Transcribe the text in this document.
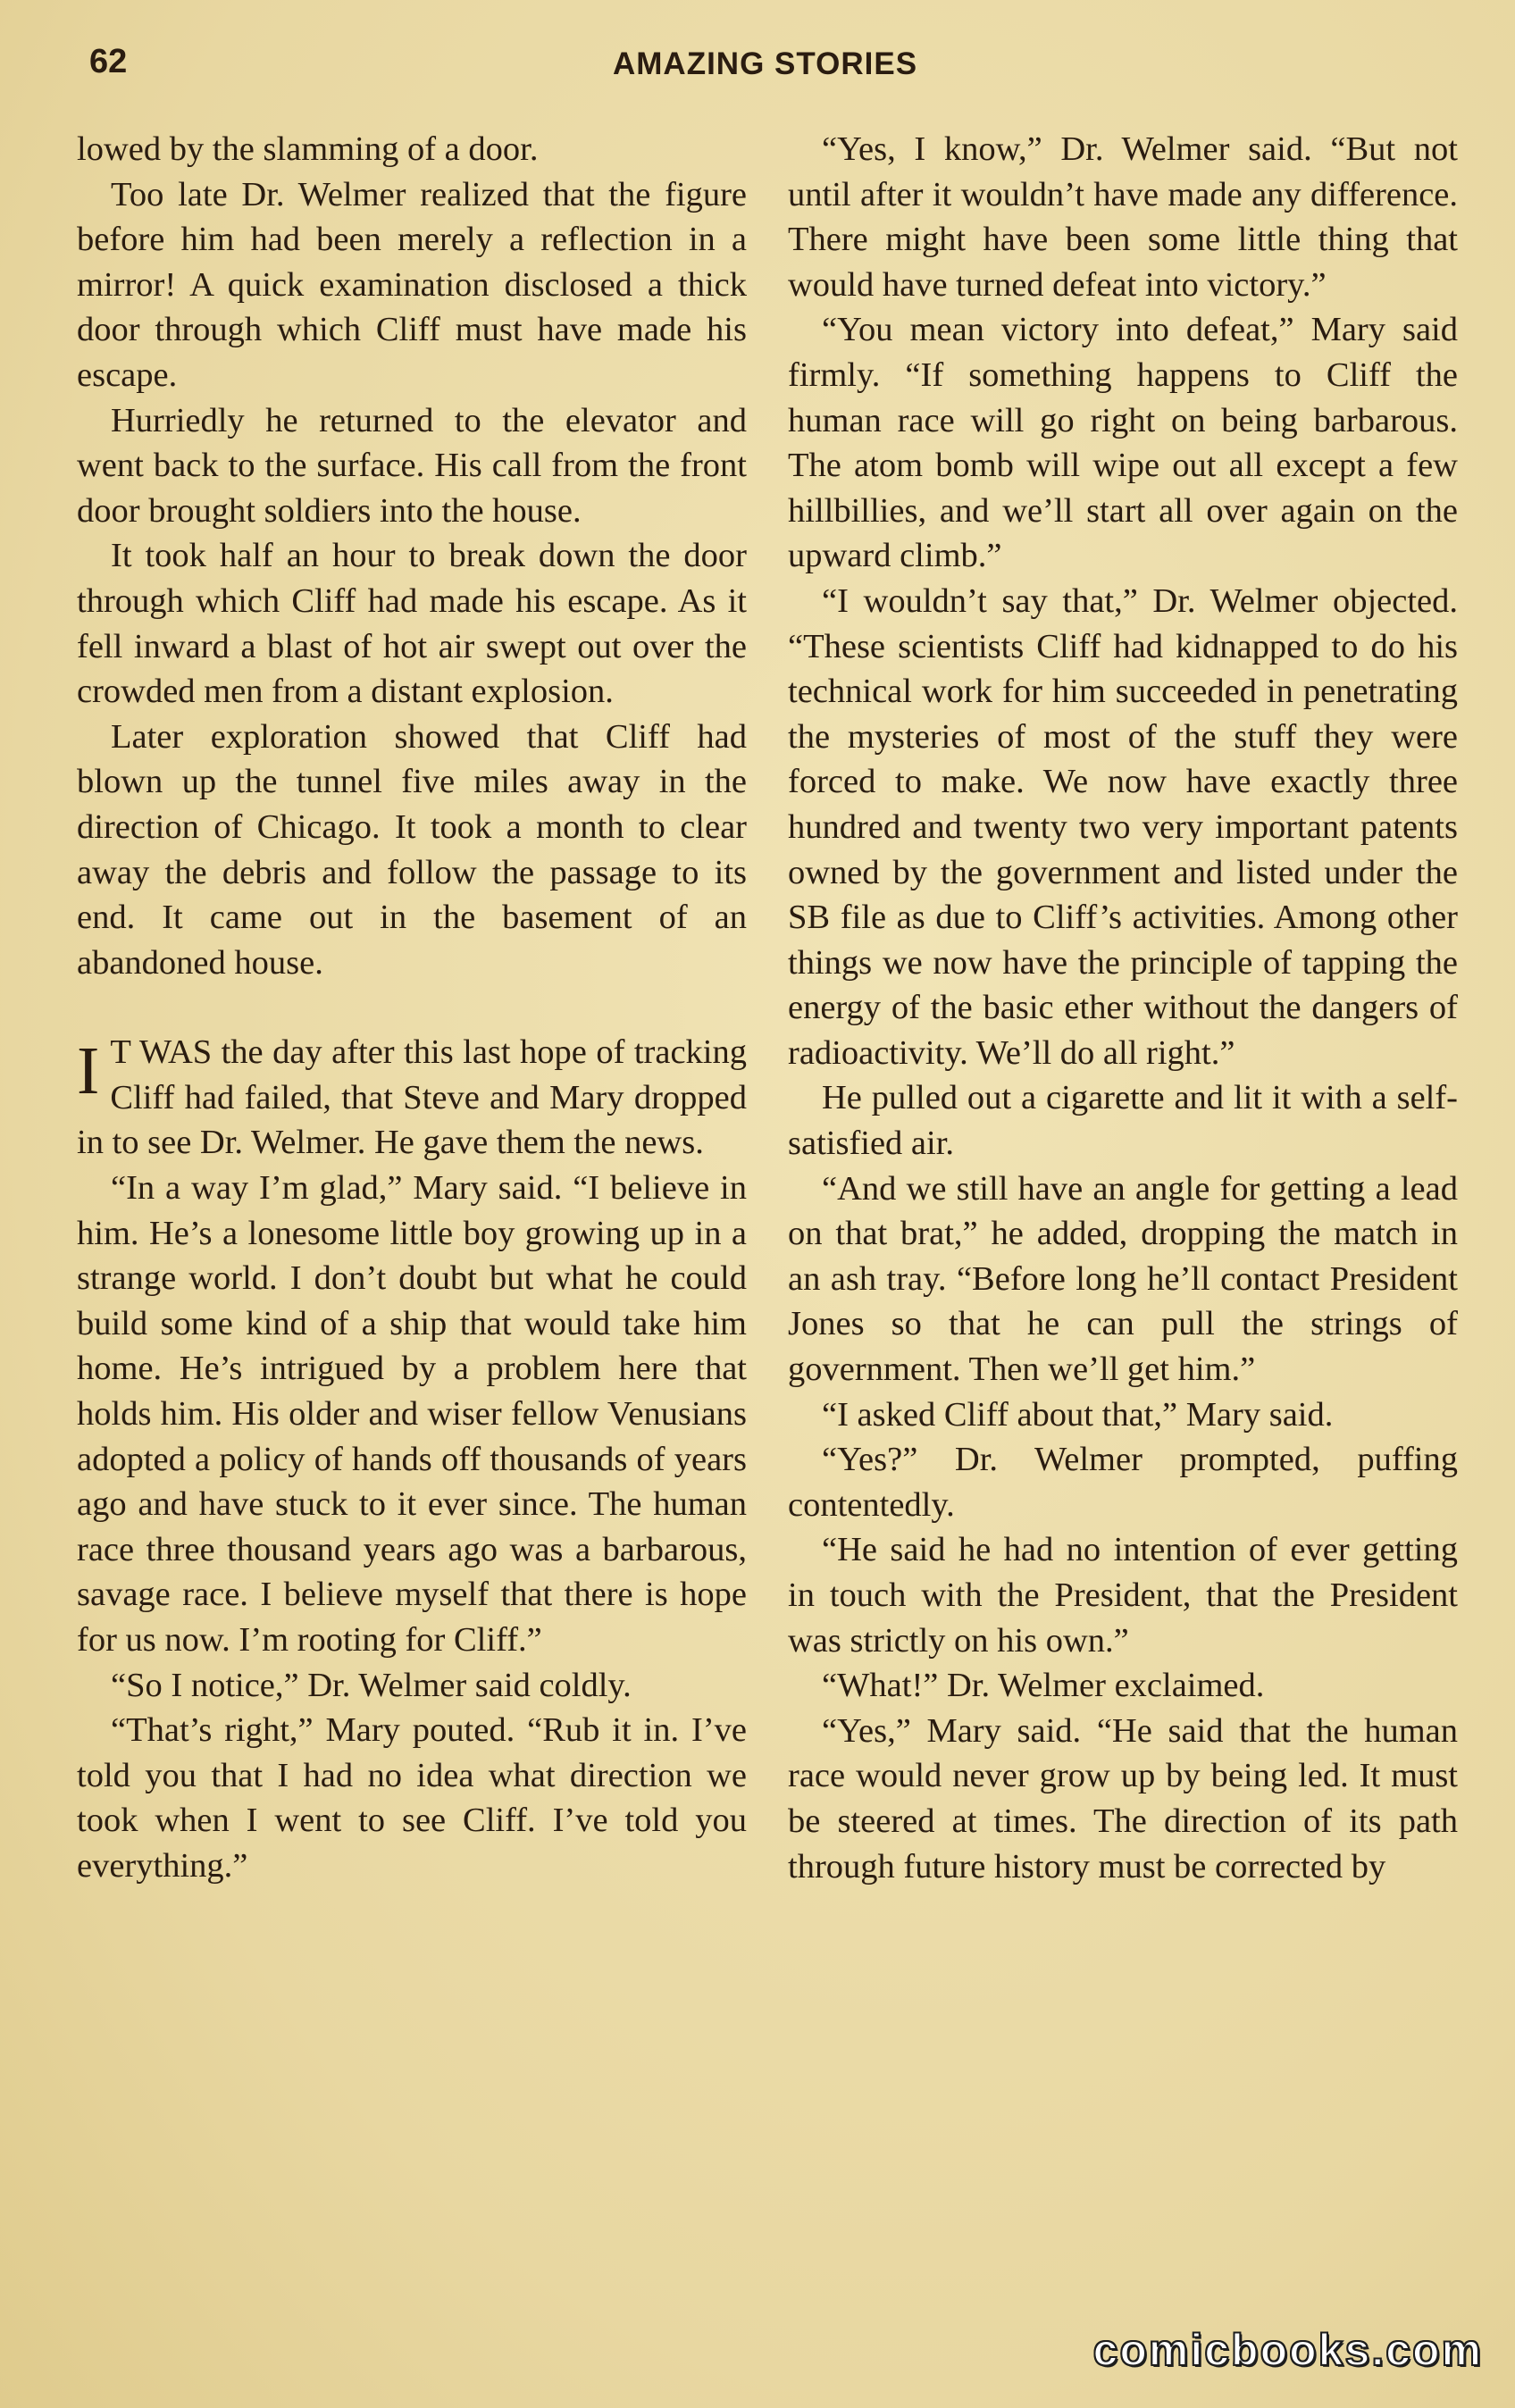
62	AMAZING STORIES

lowed by the slamming of a door.

Too late Dr. Welmer realized that the figure before him had been merely a reflection in a mirror! A quick examination disclosed a thick door through which Cliff must have made his escape.

Hurriedly he returned to the elevator and went back to the surface. His call from the front door brought soldiers into the house.

It took half an hour to break down the door through which Cliff had made his escape. As it fell inward a blast of hot air swept out over the crowded men from a distant explosion.

Later exploration showed that Cliff had blown up the tunnel five miles away in the direction of Chicago. It took a month to clear away the debris and follow the passage to its end. It came out in the basement of an abandoned house.

I T WAS the day after this last hope of tracking Cliff had failed, that Steve and Mary dropped in to see Dr. Welmer. He gave them the news.

“In a way I’m glad,” Mary said. “I believe in him. He’s a lonesome little boy growing up in a strange world. I don’t doubt but what he could build some kind of a ship that would take him home. He’s intrigued by a problem here that holds him. His older and wiser fellow Venusians adopted a policy of hands off thousands of years ago and have stuck to it ever since. The human race three thousand years ago was a barbarous, savage race. I believe myself that there is hope for us now. I’m rooting for Cliff.”

“So I notice,” Dr. Welmer said coldly.

“That’s right,” Mary pouted. “Rub it in. I’ve told you that I had no idea what direction we took when I went to see Cliff. I’ve told you everything.”

“Yes, I know,” Dr. Welmer said. “But not until after it wouldn’t have made any difference. There might have been some little thing that would have turned defeat into victory.”

“You mean victory into defeat,” Mary said firmly. “If something happens to Cliff the human race will go right on being barbarous. The atom bomb will wipe out all except a few hillbillies, and we’ll start all over again on the upward climb.”

“I wouldn’t say that,” Dr. Welmer objected. “These scientists Cliff had kidnapped to do his technical work for him succeeded in penetrating the mysteries of most of the stuff they were forced to make. We now have exactly three hundred and twenty two very important patents owned by the government and listed under the SB file as due to Cliff’s activities. Among other things we now have the principle of tapping the energy of the basic ether without the dangers of radioactivity. We’ll do all right.”

He pulled out a cigarette and lit it with a self-satisfied air.

“And we still have an angle for getting a lead on that brat,” he added, dropping the match in an ash tray. “Before long he’ll contact President Jones so that he can pull the strings of government. Then we’ll get him.”

“I asked Cliff about that,” Mary said.

“Yes?” Dr. Welmer prompted, puffing contentedly.

“He said he had no intention of ever getting in touch with the President, that the President was strictly on his own.”

“What!” Dr. Welmer exclaimed.

“Yes,” Mary said. “He said that the human race would never grow up by being led. It must be steered at times. The direction of its path through future history must be corrected by

comicbooks.com
